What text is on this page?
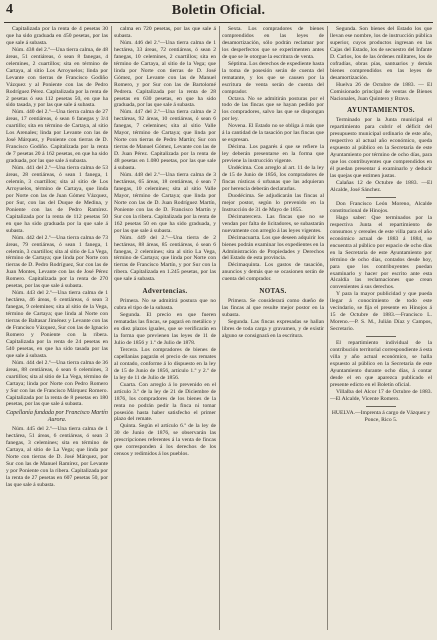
4	Boletin Oficial.

Capitalizada por la renta de 4 pesetas 30 que ha sido graduada en 450 pesetas, por las que sale á subasta.

Núm. 438 del 2.º—Una tierra calma, de 48 áreas, 51 centiáreas, ó sean 8 fanegas, 4 celemines, 2 cuartillos; sita en término de Cartaya, al sitio Los Arroyuelos; linda por Levante con tierras de Francisco Godiño Vázquez y al Poniente con las de Pedro Rodríguez Pérez. Capitalizada por la renta de 2 pesetas ó sea 112 pesetas 50, en que ha sido tasada, y por las que sale á subasta.

Núm. 440 del 2.º—Una tierra calma de 27 áreas, 17 centiáreas, ó sean 6 fanegas y 3/4 cuartillo; sita en término de Cartaya, al sitio Los Arenales; linda por Levante con las de José Márquez, y Poniente con tierras de D. Francisco Godiño. Capitalizada por la renta de 7 pesetas 20 á 162 pesetas, en que ha sido graduada, por las que sale á subasta.

Núm. 441 del 2.º—Una tierra calma de 53 áreas, 28 centiáreas, ó sean 1 fanega, 1 celemín, 3 cuartillos; sita al sitio de Los Arroyuelos, término de Cartaya, que linda por Norte con las de Juan Gómez Vázquez, por Sur, con las del Duque de Medina, y Poniente con las de Pedro Ramírez. Capitalizada por la renta de 112 pesetas 50 en que ha sido graduada por la que sale á subasta.

Núm. 442 del 2.º—Una tierra calma de 73 áreas, 79 centiáreas, ó sean 1 fanega, 1 celemín, 3 cuartillos; sita al sitio de La Vega, término de Cartaya; que linda por Norte con tierras de D. Pedro Rodríguez, Sur con las de Juan Montes, Levante con las de José Pérez Romero. Capitalizada por la renta de 270 pesetas, por las que sale á subasta.

Núm. 443 del 2.º—Una tierra calma de 1 hectárea, 46 áreas, 6 centiáreas, ó sean 3 fanegas, 9 celemines; sita al sitio de la Vega, término de Cartaya; que linda al Norte con tierras de Baltasar Jiménez y Levante con las de Francisco Vázquez, Sur con las de Ignacio Romero y Poniente con la ribera. Capitalizada por la renta de 24 pesetas en 540 pesetas, en que ha sido tasada por las que sale á subasta.

Núm. 444 del 2.º—Una tierra calma de 36 áreas, 88 centiáreas, ó sean 6 celemines, 3 cuartillos; sita al sitio de La Vega, término de Cartaya; linda por Norte con Pedro Romero y Sur con las de Francisco Márquez Romero. Capitalizada por la renta de 8 pesetas en 180 pesetas, por las que sale á subasta.

Capellanía fundada por Francisco Martín Aurora.

Núm. 445 del 2.º—Una tierra calma de 1 hectárea, 51 áreas, 6 centiáreas, ó sean 3 fanegas, 3 celemines; sita en término de Cartaya, al sitio de La Vega; que linda por Norte con tierras de D. José Márquez, por Sur con las de Manuel Ramírez, por Levante y por Poniente con la ribera. Capitalizada por la renta de 27 pesetas en 607 pesetas 50, por las que sale á subasta.

calma en 720 pesetas, por las que sale á subasta.

Núm. 446 del 2.º—Una tierra calma de 1 hectárea, 33 áreas, 72 centiáreas, ó sean 2 fanegas, 10 celemines, 2 cuartillos; sita en término de Cartaya, al sitio de la Vega; que linda por Norte con tierras de D. José Gómez, por Levante con las de Manuel Romero, y por Sur con las de Bartolomé Pedrera. Capitalizada por la renta de 28 pesetas en 630 pesetas, en que ha sido graduada, por las que sale á subasta.

Núm. 447 del 2.º—Una tierra calma de 2 hectáreas, 92 áreas, 10 centiáreas, ó sean 6 fanegas, 7 celemines; sita al sitio Valle Mayor, término de Cartaya; que linda por Norte con tierras de Pedro Martín; Sur con tierras de Manuel Gómez, Levante con las de D. Juan Pérez. Capitalizada por la renta de 48 pesetas en 1.080 pesetas, por las que sale á subasta.

Núm. 448 del 2.º—Una tierra calma de 3 hectáreas, 65 áreas, 18 centiáreas, ó sean 7 fanegas, 10 celemines; sita al sitio Valle Mayor, término de Cartaya; que linda por Norte con las de D. Juan Rodríguez Martín, Poniente con las de D. Francisco Martín y Sur con la ribera. Capitalizada por la renta de 162 pesetas 50 en que ha sido graduada, y por las que sale á subasta.

Núm. 449 del 2.º—Una tierra de 2 hectáreas, 88 áreas, 85 centiáreas, ó sean 6 fanegas, 2 celemines; sita al sitio La Vega, término de Cartaya; que linda por Norte con tierras de Francisco Martín, y por Sur con la ribera. Capitalizada en 1.245 pesetas, por las que sale á subasta.

Advertencias.

Primera. No se admitirá postura que no cubra el tipo de la subasta.

Segunda. El precio en que fueren rematadas las fincas, se pagará en metálico y en diez plazos iguales, que se verificarán en la forma que previenen las leyes de 11 de Julio de 1856 y 1.º de Julio de 1878.

Tercera. Los compradores de bienes de capellanías pagarán el precio de sus remates al contado, conforme á lo dispuesto en la ley de 15 de Junio de 1856, artículo 1.º y 2.º de la ley de 11 de Julio de 1856.

Cuarta. Con arreglo á lo prevenido en el artículo 3.º de la ley de 21 de Diciembre de 1876, los compradores de los bienes de la renta no podrán pedir la finca ni tomar posesión hasta haber satisfecho el primer plazo del remate.

Quinta. Según el artículo 6.º de la ley de 30 de Junio de 1876, se observarán las prescripciones referentes á la venta de fincas que corresponden á los derechos de los censos y redimidos á los pueblos.

Sexta. Los compradores de bienes comprendidos en las leyes de desamortización, sólo podrán reclamar por los desperfectos que se experimenten antes de que se le otorgue la escritura de venta.

Séptima. Los derechos de expediente hasta la toma de posesión serán de cuenta del rematante, y los que se causen por la escritura de venta serán de cuenta del comprador.

Octava. No se admitirán posturas por el todo de las fincas que se hayan pedido por los compradores, salvo las que se dispongan por ley.

Novena. El Estado no se obliga á más que á la cantidad de la tasación por las fincas que se expresan.

Décima. Los pagarés á que se refiere la ley deberán presentarse en la forma que previene la instrucción vigente.

Undécima. Con arreglo al art. 11 de la ley de 15 de Junio de 1856, los compradores de fincas rústicas ó urbanas que las adquieran por herencia deberán declararlas.

Duodécima. Se adjudicarán las fincas al mejor postor, según lo prevenido en la Instrucción de 31 de Mayo de 1855.

Décimatercera. Las fincas que no se vendan por falta de licitadores, se subastarán nuevamente con arreglo á las leyes vigentes.

Décimacuarta. Los que deseen adquirir los bienes podrán examinar los expedientes en la Administración de Propiedades y Derechos del Estado de esta provincia.

Décimaquinta. Los gastos de tasación, anuncios y demás que se ocasionen serán de cuenta del comprador.

NOTAS.

Primera. Se considerará como dueño de las fincas al que resulte mejor postor en la subasta.

Segunda. Las fincas expresadas se hallan libres de toda carga y gravamen, y de existir alguno se consignará en la escritura.

Segunda. Son bienes del Estado los que llevan ese nombre, los de instrucción pública superior, cuyos productos ingresan en las Cajas del Estado, los de secuestro del Infante D. Carlos, los de las órdenes militares, los de cofradías, obras pías, santuarios y demás bienes comprendidos en las leyes de desamortización.

Huelva 26 de Octubre de 1883. — El Comisionado principal de ventas de Bienes Nacionales, Juan Quintero y Bravo.

AYUNTAMIENTOS.

Terminado por la Junta municipal el repartimiento para cubrir el déficit del presupuesto municipal ordinario de este año, respectivo al actual año económico, queda expuesto al público en la Secretaría de este Ayuntamiento por término de ocho días, para que los contribuyentes que comprendidos en él puedan presentar á examinarlo y deducir las quejas que estimen justas.

Calañas 12 de Octubre de 1883. —El Alcalde, José Sánchez.

Don Francisco León Moreno, Alcalde constitucional de Hinojos.

Hago saber: Que terminados por la respectiva Junta el repartimiento de consumos y cereales de este villa para el año económico actual de 1883 á 1884, se encuentra al público por espacio de ocho días en la Secretaría de este Ayuntamiento por término de ocho días, contados desde hoy, para que los contribuyentes puedan examinarlo y hacer por escrito ante esta Alcaldía las reclamaciones que crean convenientes á sus derechos.

Y para la mayor publicidad y que pueda llegar á conocimiento de todo este vecindario, se fija el presente en Hinojos á 15 de Octubre de 1883.—Francisco L. Moreno.—P. S. M., Julián Díaz y Campos, Secretario.

El repartimiento individual de la contribución territorial correspondiente á esta villa y año actual económico, se halla expuesto al público en la Secretaría de este Ayuntamiento durante ocho días, á contar desde el en que aparezca publicado el presente edicto en el Boletín oficial.

Villalba del Alcor 17 de Octubre de 1883.—El Alcalde, Vicente Romero.

HUELVA.—Imprenta á cargo de Vázquez y Ponce, Rico 5.
